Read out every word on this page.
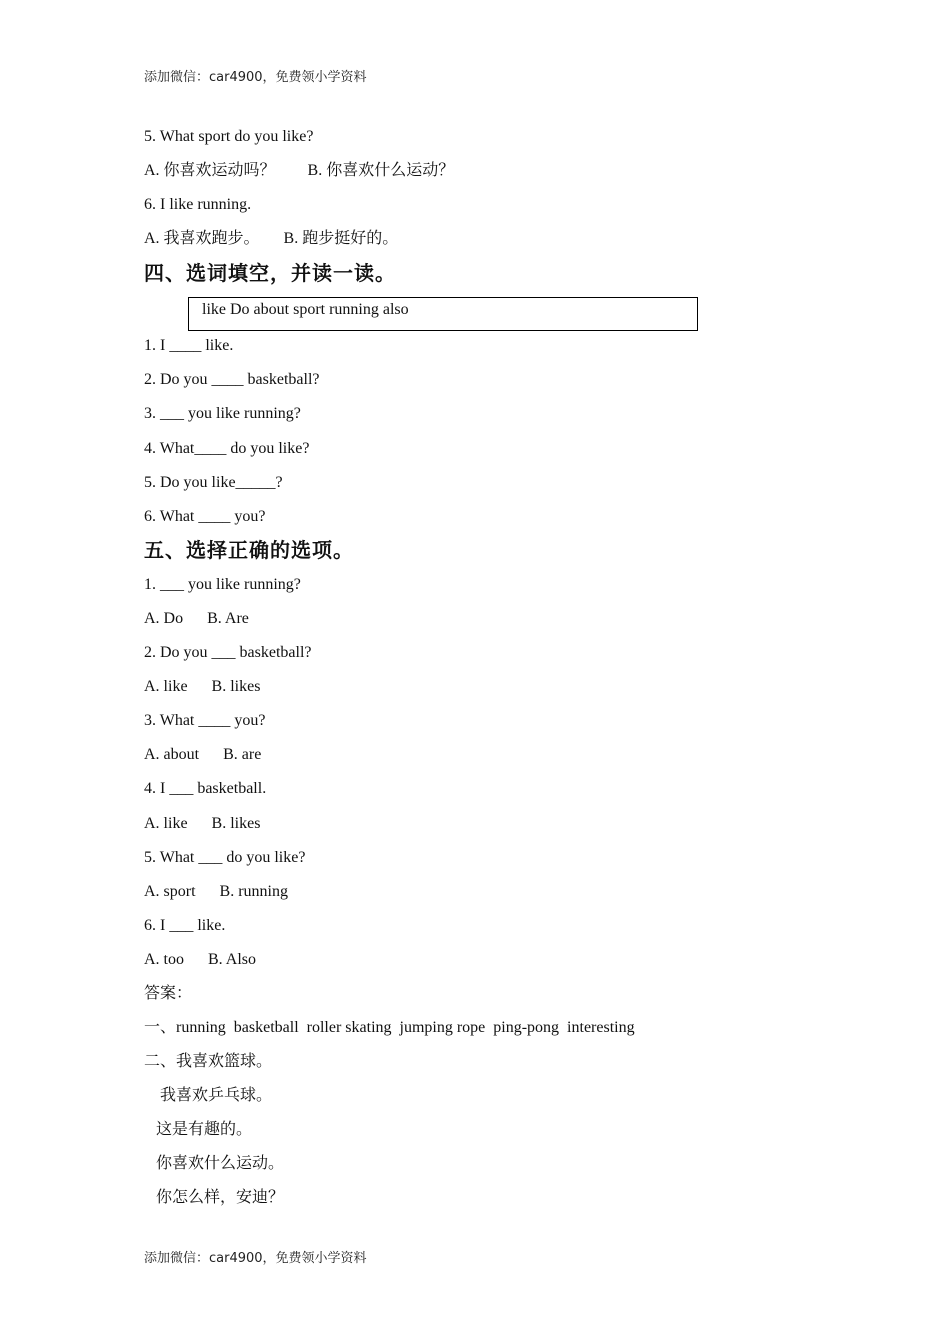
添加微信：car4900，免费领小学资料
5. What sport do you like?
A. 你喜欢运动吗？        B. 你喜欢什么运动？
6. I like running.
A. 我喜欢跑步。      B. 跑步挺好的。
四、选词填空，并读一读。
like Do about sport running also
1. I ____ like.
2. Do you ____ basketball?
3. ___ you like running?
4. What____ do you like?
5. Do you like_____?
6. What ____ you?
五、选择正确的选项。
1. ___ you like running?
A. Do      B. Are
2. Do you ___ basketball?
A. like      B. likes
3. What ____ you?
A. about      B. are
4. I ___ basketball.
A. like      B. likes
5. What ___ do you like?
A. sport      B. running
6. I ___ like.
A. too      B. Also
答案：
一、running  basketball  roller skating  jumping rope  ping-pong  interesting
二、我喜欢篮球。
我喜欢乒乓球。
这是有趣的。
你喜欢什么运动。
你怎么样，安迪？
添加微信：car4900，免费领小学资料
